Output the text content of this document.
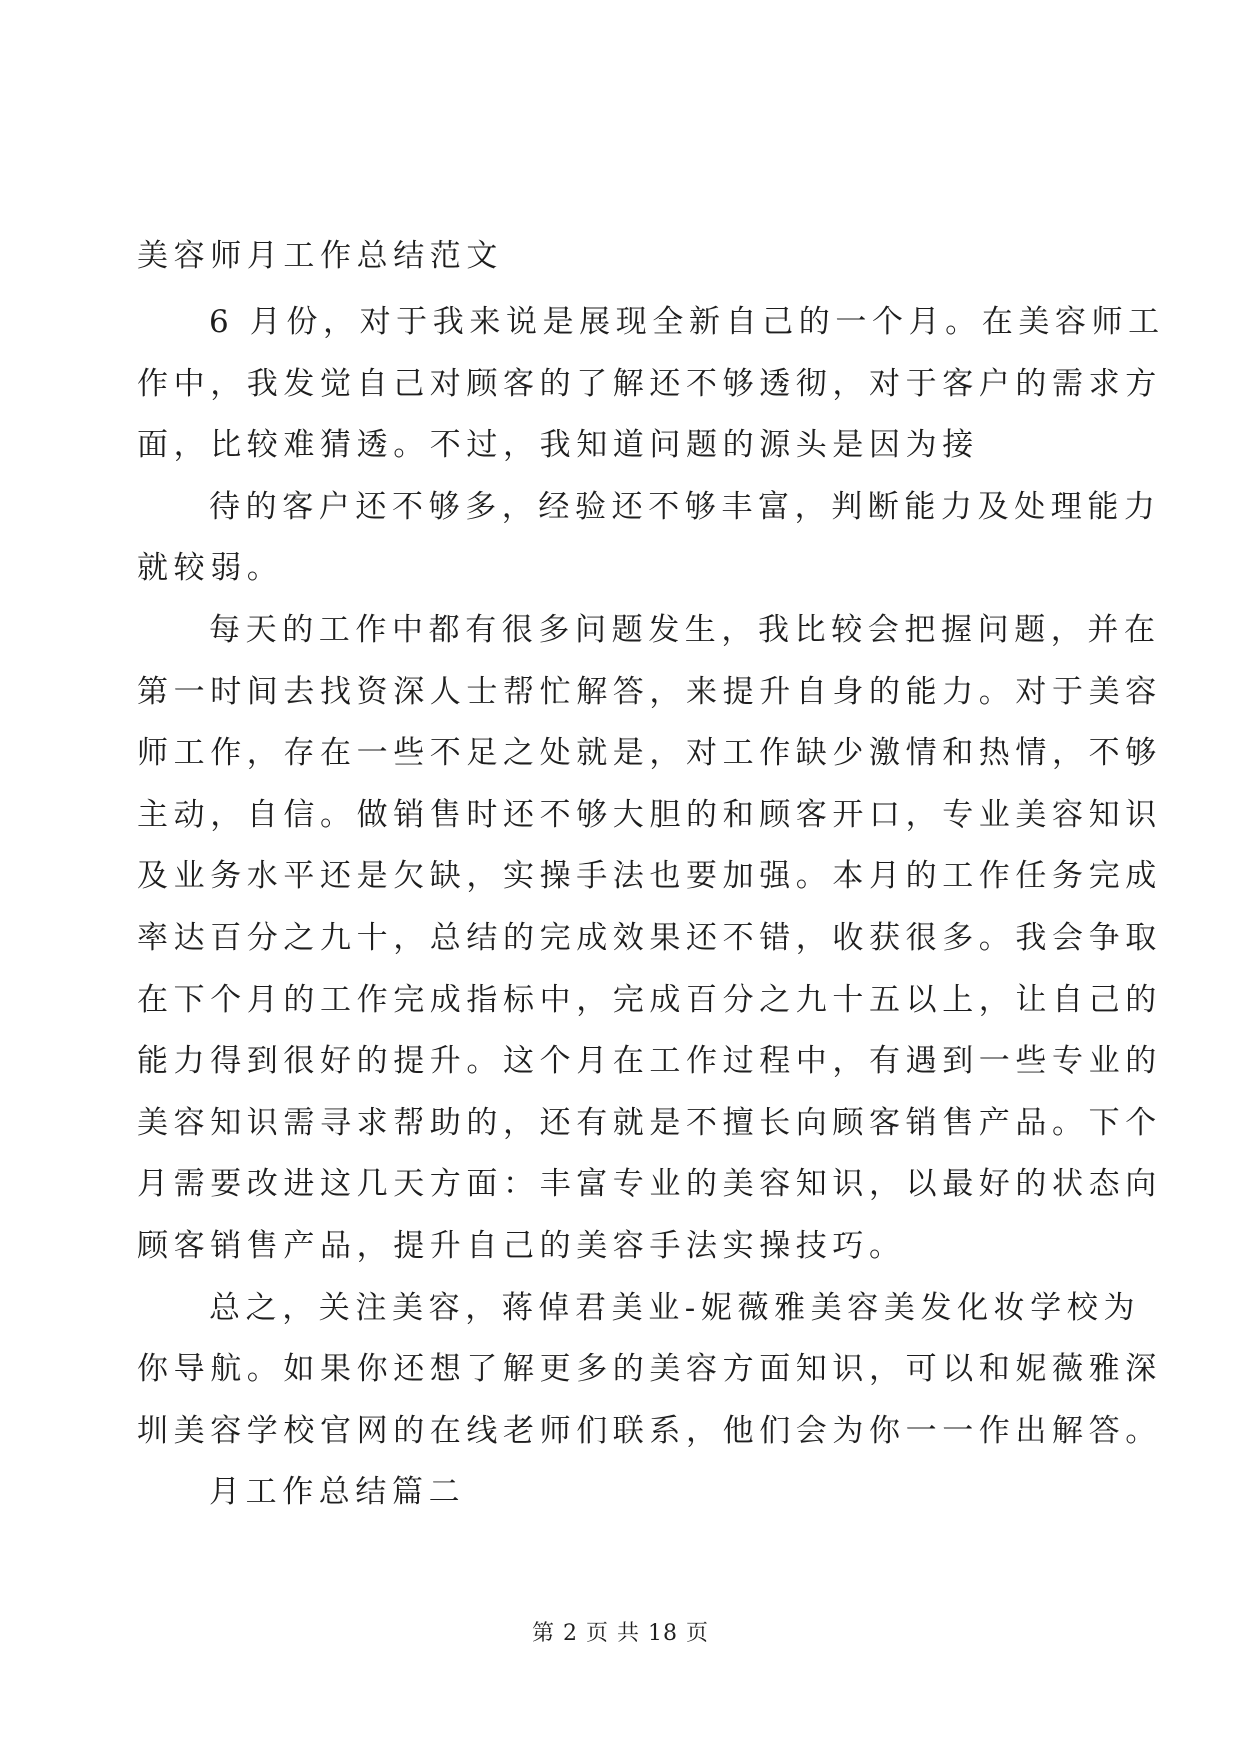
美容师月工作总结范文
6 月份，对于我来说是展现全新自己的一个月。在美容师工
作中，我发觉自己对顾客的了解还不够透彻，对于客户的需求方
面，比较难猜透。不过，我知道问题的源头是因为接
待的客户还不够多，经验还不够丰富，判断能力及处理能力
就较弱。
每天的工作中都有很多问题发生，我比较会把握问题，并在
第一时间去找资深人士帮忙解答，来提升自身的能力。对于美容
师工作，存在一些不足之处就是，对工作缺少激情和热情，不够
主动，自信。做销售时还不够大胆的和顾客开口，专业美容知识
及业务水平还是欠缺，实操手法也要加强。本月的工作任务完成
率达百分之九十，总结的完成效果还不错，收获很多。我会争取
在下个月的工作完成指标中，完成百分之九十五以上，让自己的
能力得到很好的提升。这个月在工作过程中，有遇到一些专业的
美容知识需寻求帮助的，还有就是不擅长向顾客销售产品。下个
月需要改进这几天方面：丰富专业的美容知识，以最好的状态向
顾客销售产品，提升自己的美容手法实操技巧。
总之，关注美容，蒋倬君美业-妮薇雅美容美发化妆学校为
你导航。如果你还想了解更多的美容方面知识，可以和妮薇雅深
圳美容学校官网的在线老师们联系，他们会为你一一作出解答。
月工作总结篇二
第 2 页 共 18 页
